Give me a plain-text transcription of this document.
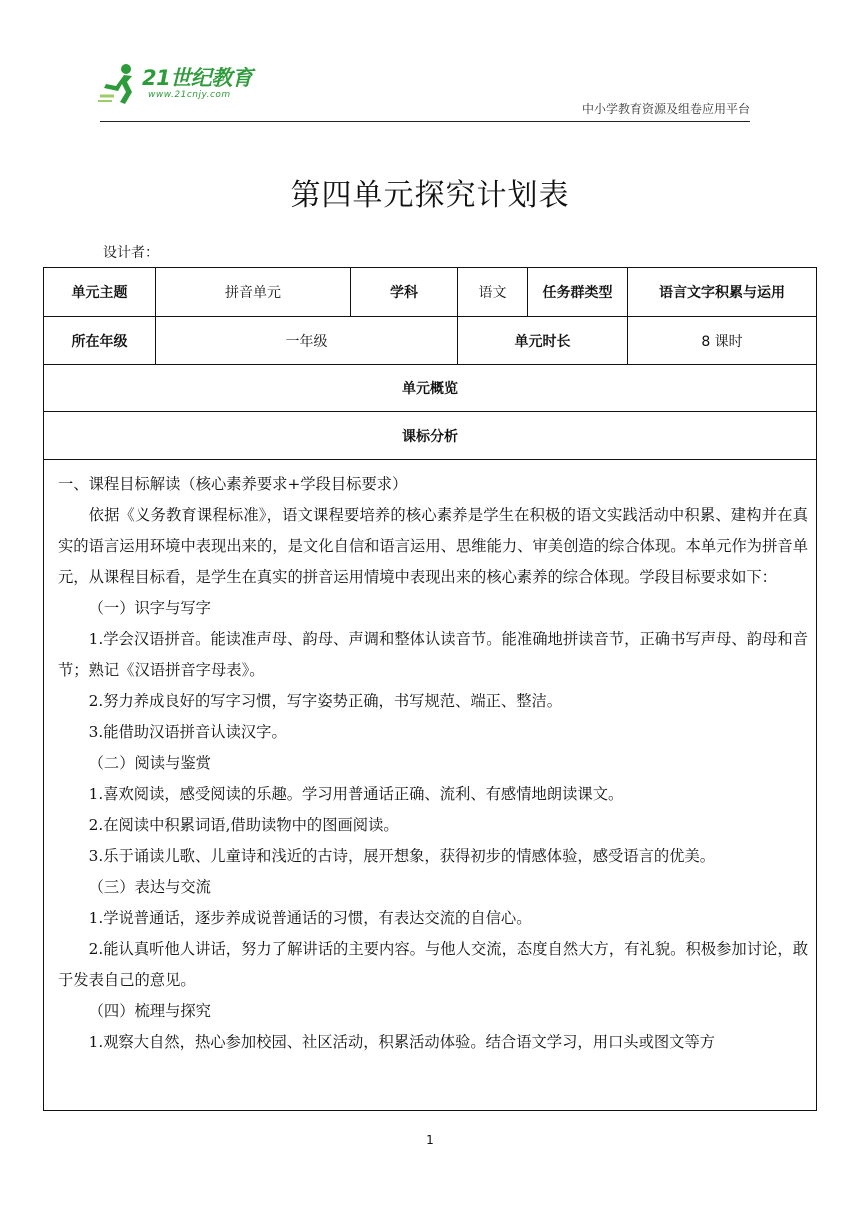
21世纪教育
www.21cnjy.com
中小学教育资源及组卷应用平台
第四单元探究计划表
设计者：
单元主题	拼音单元	学科	语文	任务群类型	语言文字积累与运用
所在年级	一年级	单元时长	8 课时
单元概览
课标分析

一、课程目标解读（核心素养要求+学段目标要求）

依据《义务教育课程标准》，语文课程要培养的核心素养是学生在积极的语文实践活动中积累、建构并在真实的语言运用环境中表现出来的，是文化自信和语言运用、思维能力、审美创造的综合体现。本单元作为拼音单元，从课程目标看，是学生在真实的拼音运用情境中表现出来的核心素养的综合体现。学段目标要求如下：

（一）识字与写字

1.学会汉语拼音。能读准声母、韵母、声调和整体认读音节。能准确地拼读音节，正确书写声母、韵母和音节；熟记《汉语拼音字母表》。

2.努力养成良好的写字习惯，写字姿势正确，书写规范、端正、整洁。

3.能借助汉语拼音认读汉字。

（二）阅读与鉴赏

1.喜欢阅读，感受阅读的乐趣。学习用普通话正确、流利、有感情地朗读课文。

2.在阅读中积累词语,借助读物中的图画阅读。

3.乐于诵读儿歌、儿童诗和浅近的古诗，展开想象，获得初步的情感体验，感受语言的优美。

（三）表达与交流

1.学说普通话，逐步养成说普通话的习惯，有表达交流的自信心。

2.能认真听他人讲话，努力了解讲话的主要内容。与他人交流，态度自然大方，有礼貌。积极参加讨论，敢于发表自己的意见。

（四）梳理与探究

1.观察大自然，热心参加校园、社区活动，积累活动体验。结合语文学习，用口头或图文等方

1
